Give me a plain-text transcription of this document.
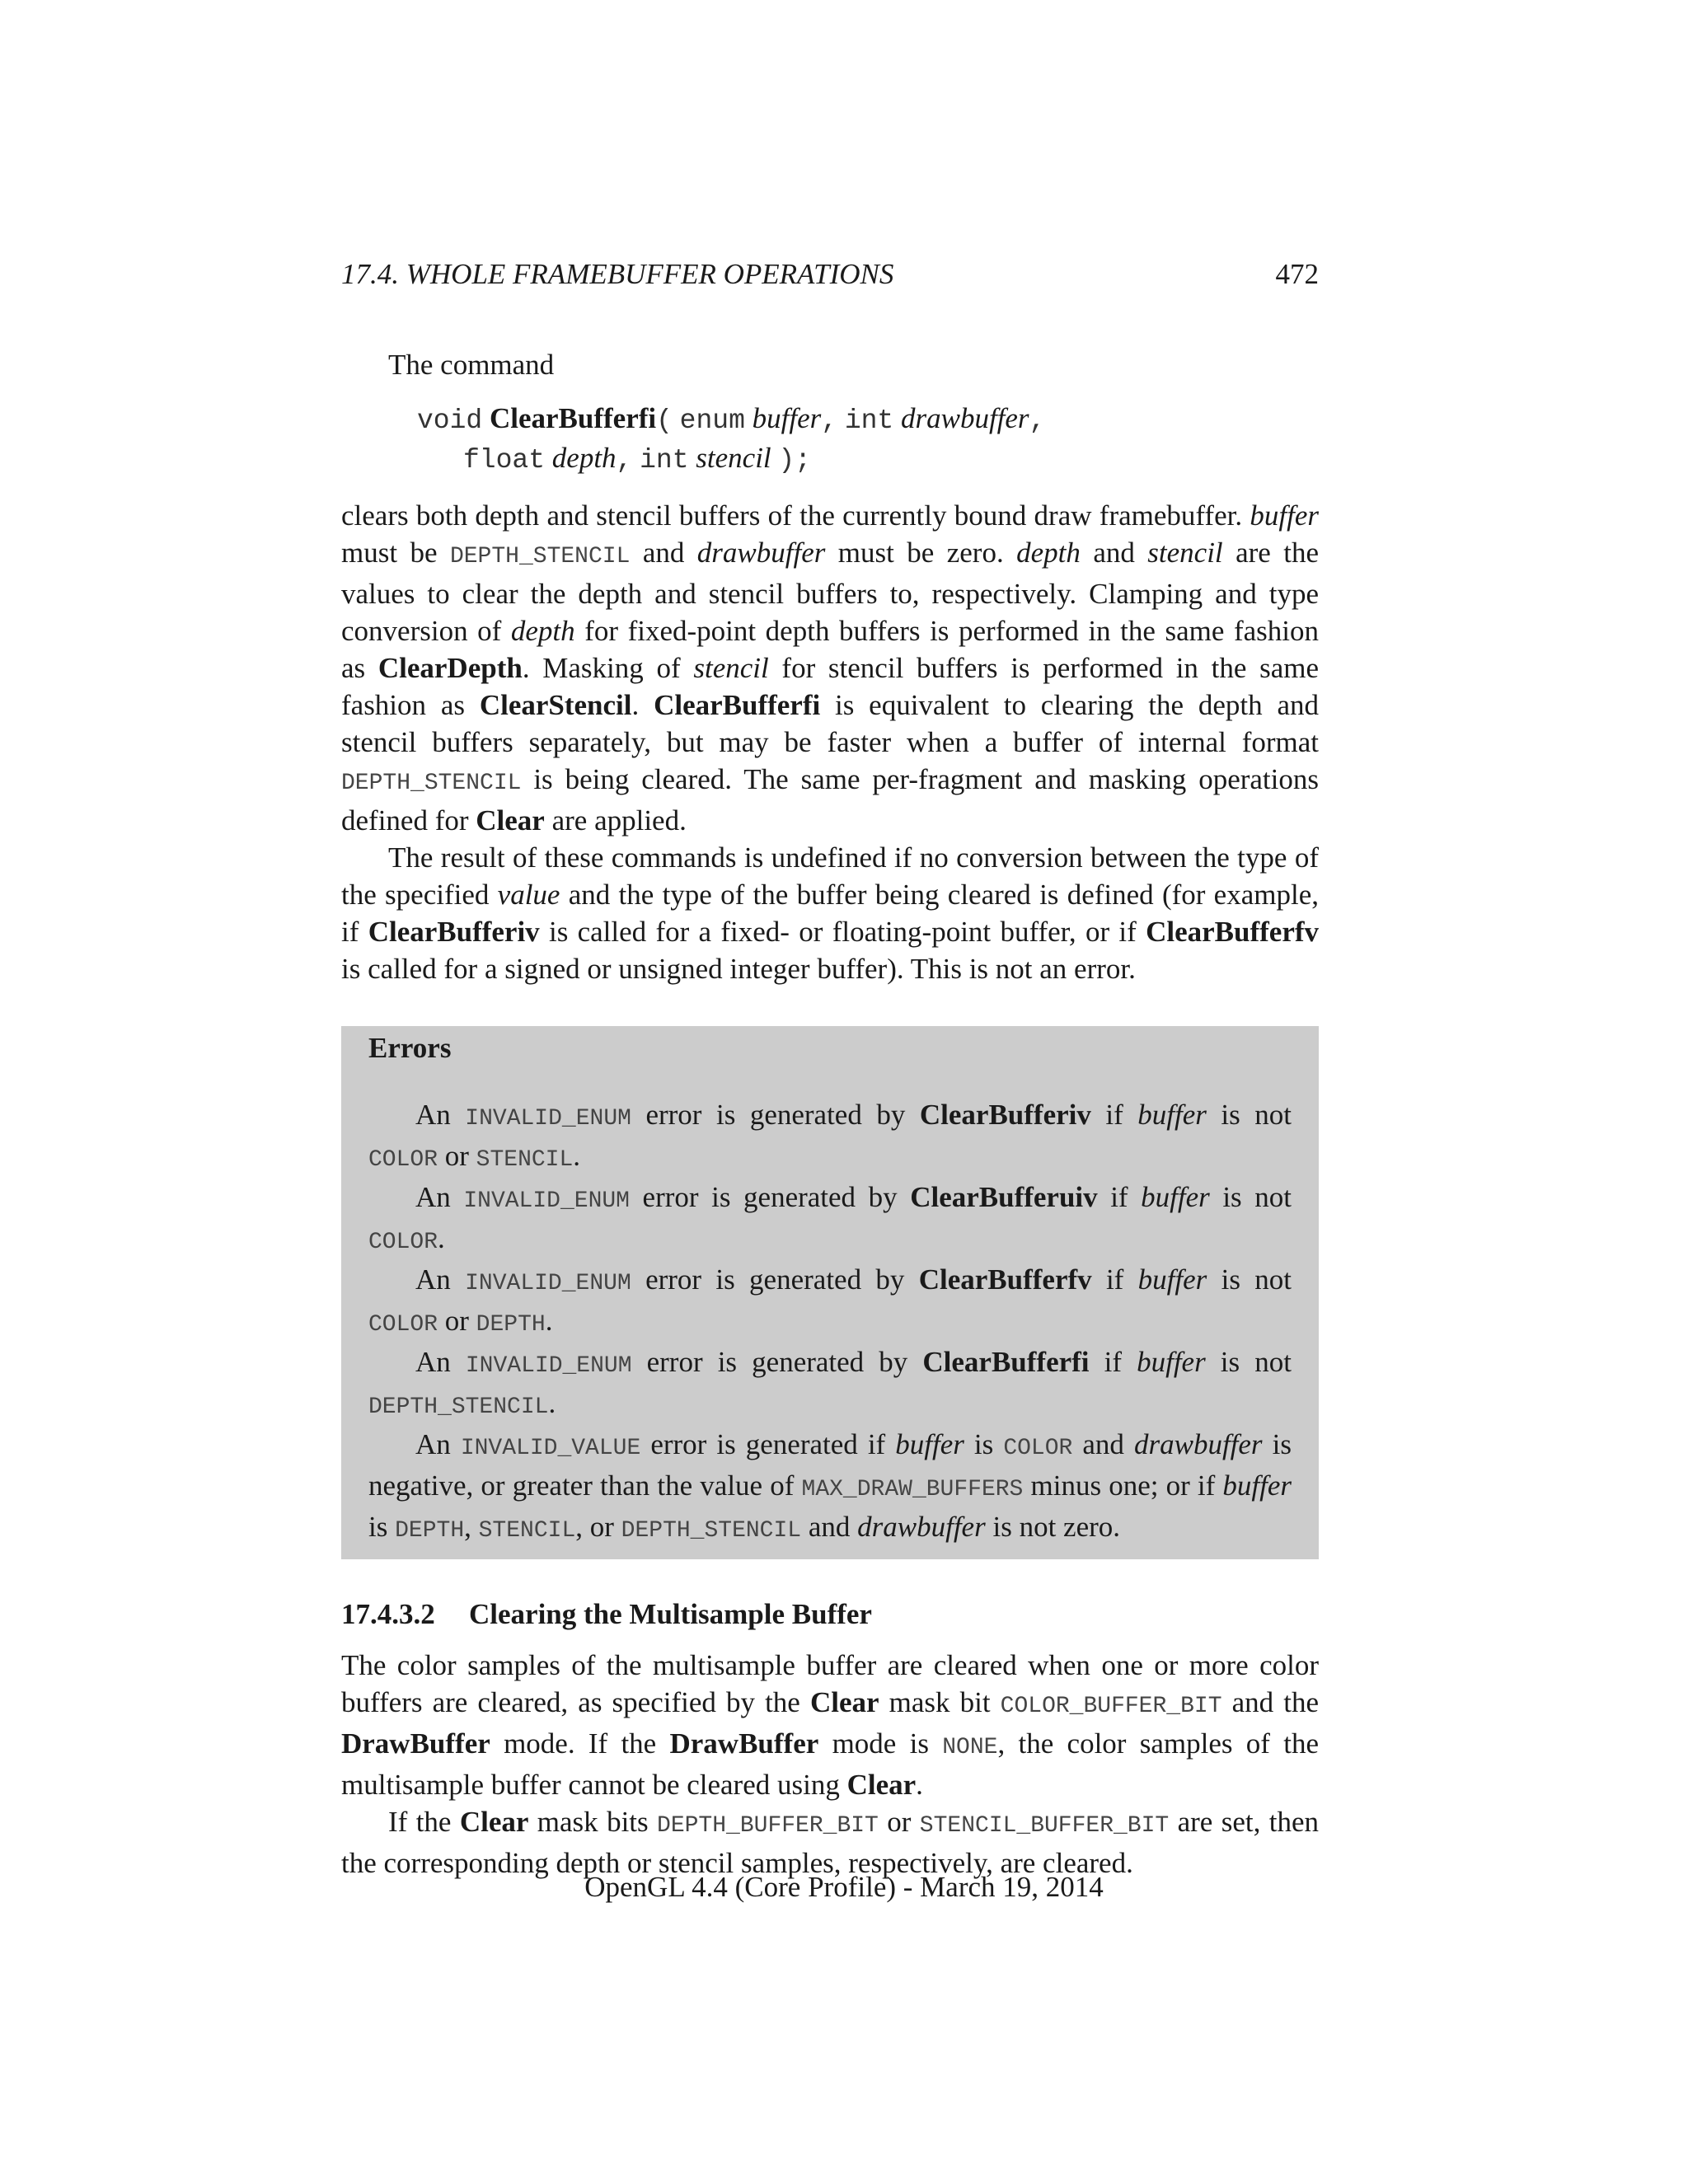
17.4. WHOLE FRAMEBUFFER OPERATIONS	472

The command

void ClearBufferfi( enum buffer, int drawbuffer,
float depth, int stencil );

clears both depth and stencil buffers of the currently bound draw framebuffer. buffer must be DEPTH_STENCIL and drawbuffer must be zero. depth and stencil are the values to clear the depth and stencil buffers to, respectively. Clamping and type conversion of depth for fixed-point depth buffers is performed in the same fashion as ClearDepth. Masking of stencil for stencil buffers is performed in the same fashion as ClearStencil. ClearBufferfi is equivalent to clearing the depth and stencil buffers separately, but may be faster when a buffer of internal format DEPTH_STENCIL is being cleared. The same per-fragment and masking operations defined for Clear are applied.

The result of these commands is undefined if no conversion between the type of the specified value and the type of the buffer being cleared is defined (for example, if ClearBufferiv is called for a fixed- or floating-point buffer, or if ClearBufferfv is called for a signed or unsigned integer buffer). This is not an error.

Errors

An INVALID_ENUM error is generated by ClearBufferiv if buffer is not COLOR or STENCIL.

An INVALID_ENUM error is generated by ClearBufferuiv if buffer is not COLOR.

An INVALID_ENUM error is generated by ClearBufferfv if buffer is not COLOR or DEPTH.

An INVALID_ENUM error is generated by ClearBufferfi if buffer is not DEPTH_STENCIL.

An INVALID_VALUE error is generated if buffer is COLOR and drawbuffer is negative, or greater than the value of MAX_DRAW_BUFFERS minus one; or if buffer is DEPTH, STENCIL, or DEPTH_STENCIL and drawbuffer is not zero.

17.4.3.2 Clearing the Multisample Buffer

The color samples of the multisample buffer are cleared when one or more color buffers are cleared, as specified by the Clear mask bit COLOR_BUFFER_BIT and the DrawBuffer mode. If the DrawBuffer mode is NONE, the color samples of the multisample buffer cannot be cleared using Clear.

If the Clear mask bits DEPTH_BUFFER_BIT or STENCIL_BUFFER_BIT are set, then the corresponding depth or stencil samples, respectively, are cleared.

OpenGL 4.4 (Core Profile) - March 19, 2014
